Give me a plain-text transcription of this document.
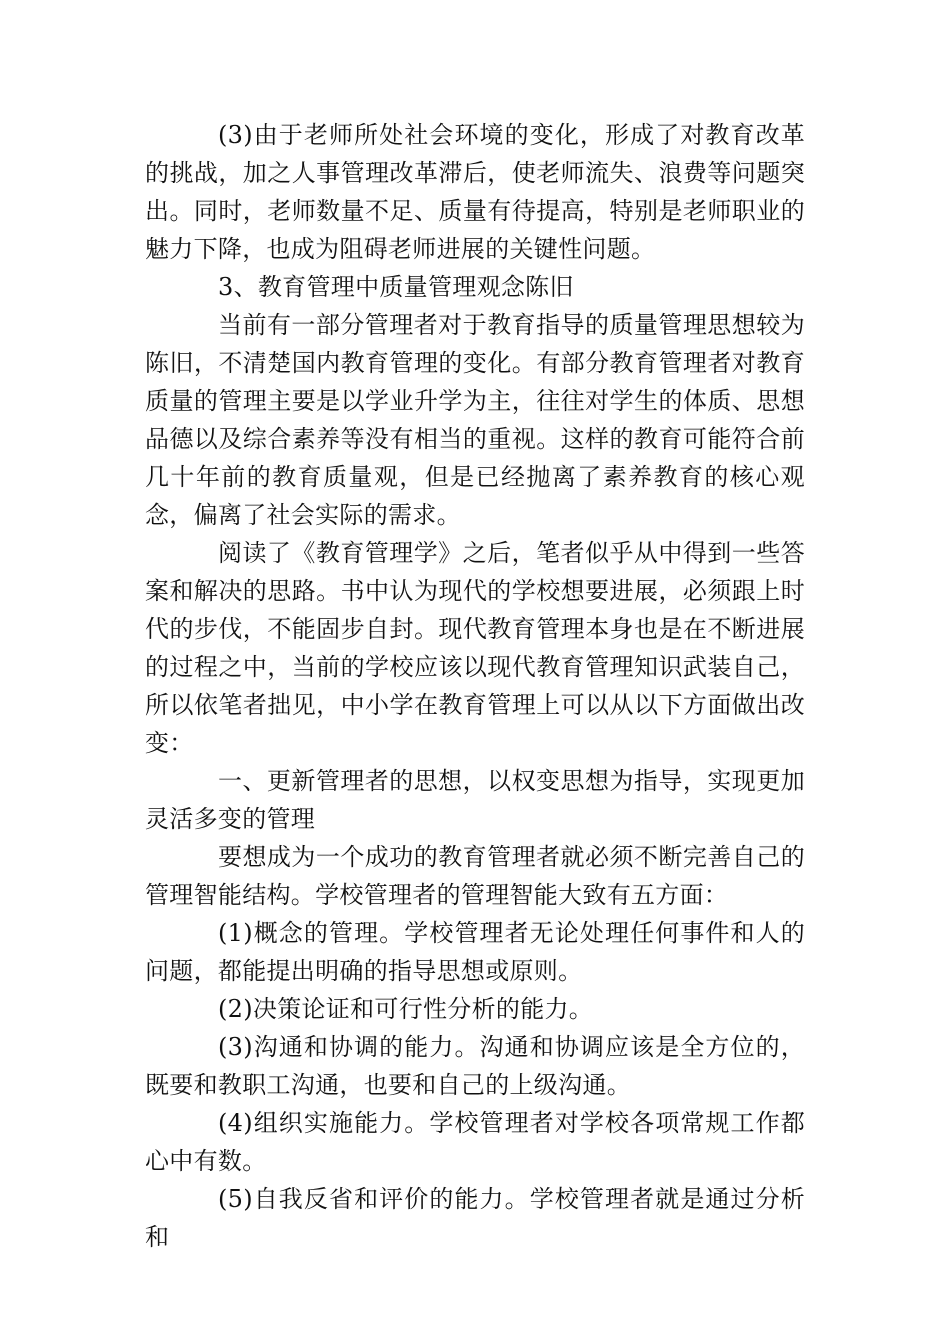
(3)由于老师所处社会环境的变化，形成了对教育改革的挑战，加之人事管理改革滞后，使老师流失、浪费等问题突出。同时，老师数量不足、质量有待提高，特别是老师职业的魅力下降，也成为阻碍老师进展的关键性问题。

3、教育管理中质量管理观念陈旧

当前有一部分管理者对于教育指导的质量管理思想较为陈旧，不清楚国内教育管理的变化。有部分教育管理者对教育质量的管理主要是以学业升学为主，往往对学生的体质、思想品德以及综合素养等没有相当的重视。这样的教育可能符合前几十年前的教育质量观，但是已经抛离了素养教育的核心观念，偏离了社会实际的需求。

阅读了《教育管理学》之后，笔者似乎从中得到一些答案和解决的思路。书中认为现代的学校想要进展，必须跟上时代的步伐，不能固步自封。现代教育管理本身也是在不断进展的过程之中，当前的学校应该以现代教育管理知识武装自己，所以依笔者拙见，中小学在教育管理上可以从以下方面做出改变：

一、更新管理者的思想，以权变思想为指导，实现更加灵活多变的管理

要想成为一个成功的教育管理者就必须不断完善自己的管理智能结构。学校管理者的管理智能大致有五方面：

(1)概念的管理。学校管理者无论处理任何事件和人的问题，都能提出明确的指导思想或原则。

(2)决策论证和可行性分析的能力。

(3)沟通和协调的能力。沟通和协调应该是全方位的，既要和教职工沟通，也要和自己的上级沟通。

(4)组织实施能力。学校管理者对学校各项常规工作都心中有数。

(5)自我反省和评价的能力。学校管理者就是通过分析和
